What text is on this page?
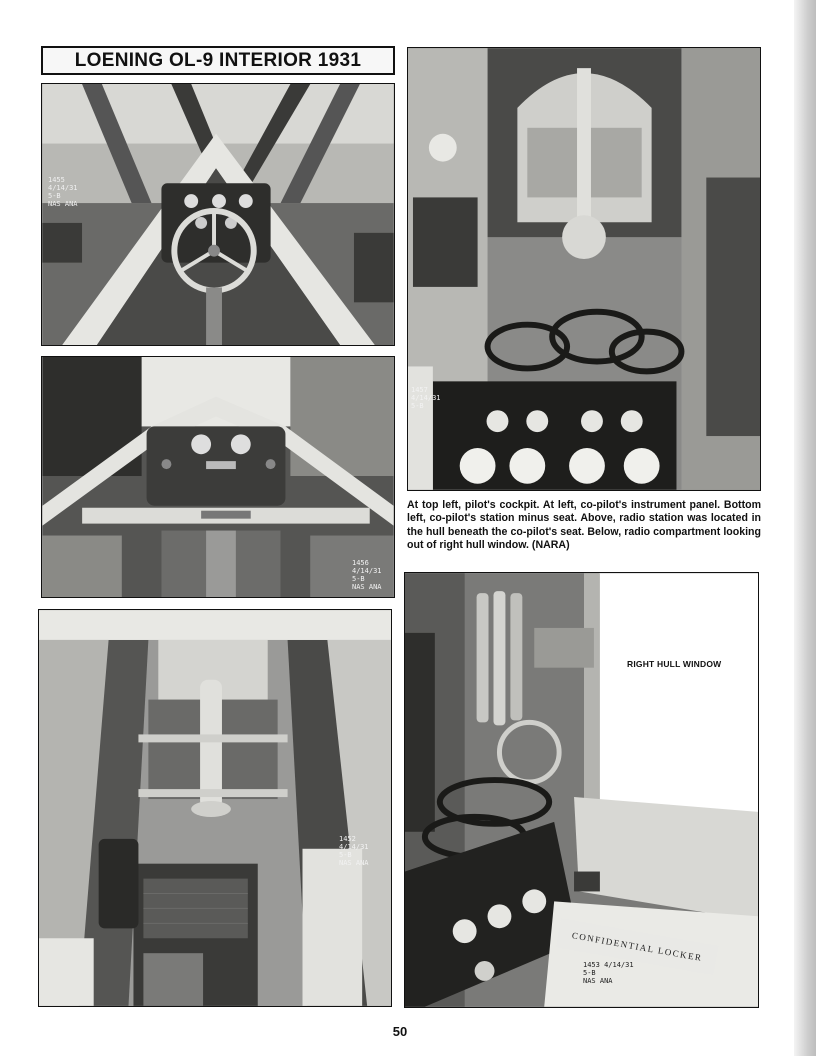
LOENING OL-9 INTERIOR 1931
1455
4/14/31
5-B
NAS ANA
1456
4/14/31
5-B
NAS ANA
1452
4/14/31
5-B
NAS ANA
1457
4/14/31
5-B
At top left, pilot's cockpit. At left, co-pilot's instrument panel. Bottom left, co-pilot's station minus seat. Above, radio station was located in the hull beneath the co-pilot's seat. Below, radio compartment looking out of right hull window. (NARA)
RIGHT HULL WINDOW
CONFIDENTIAL LOCKER
1453 4/14/31
5-B
NAS ANA
50
